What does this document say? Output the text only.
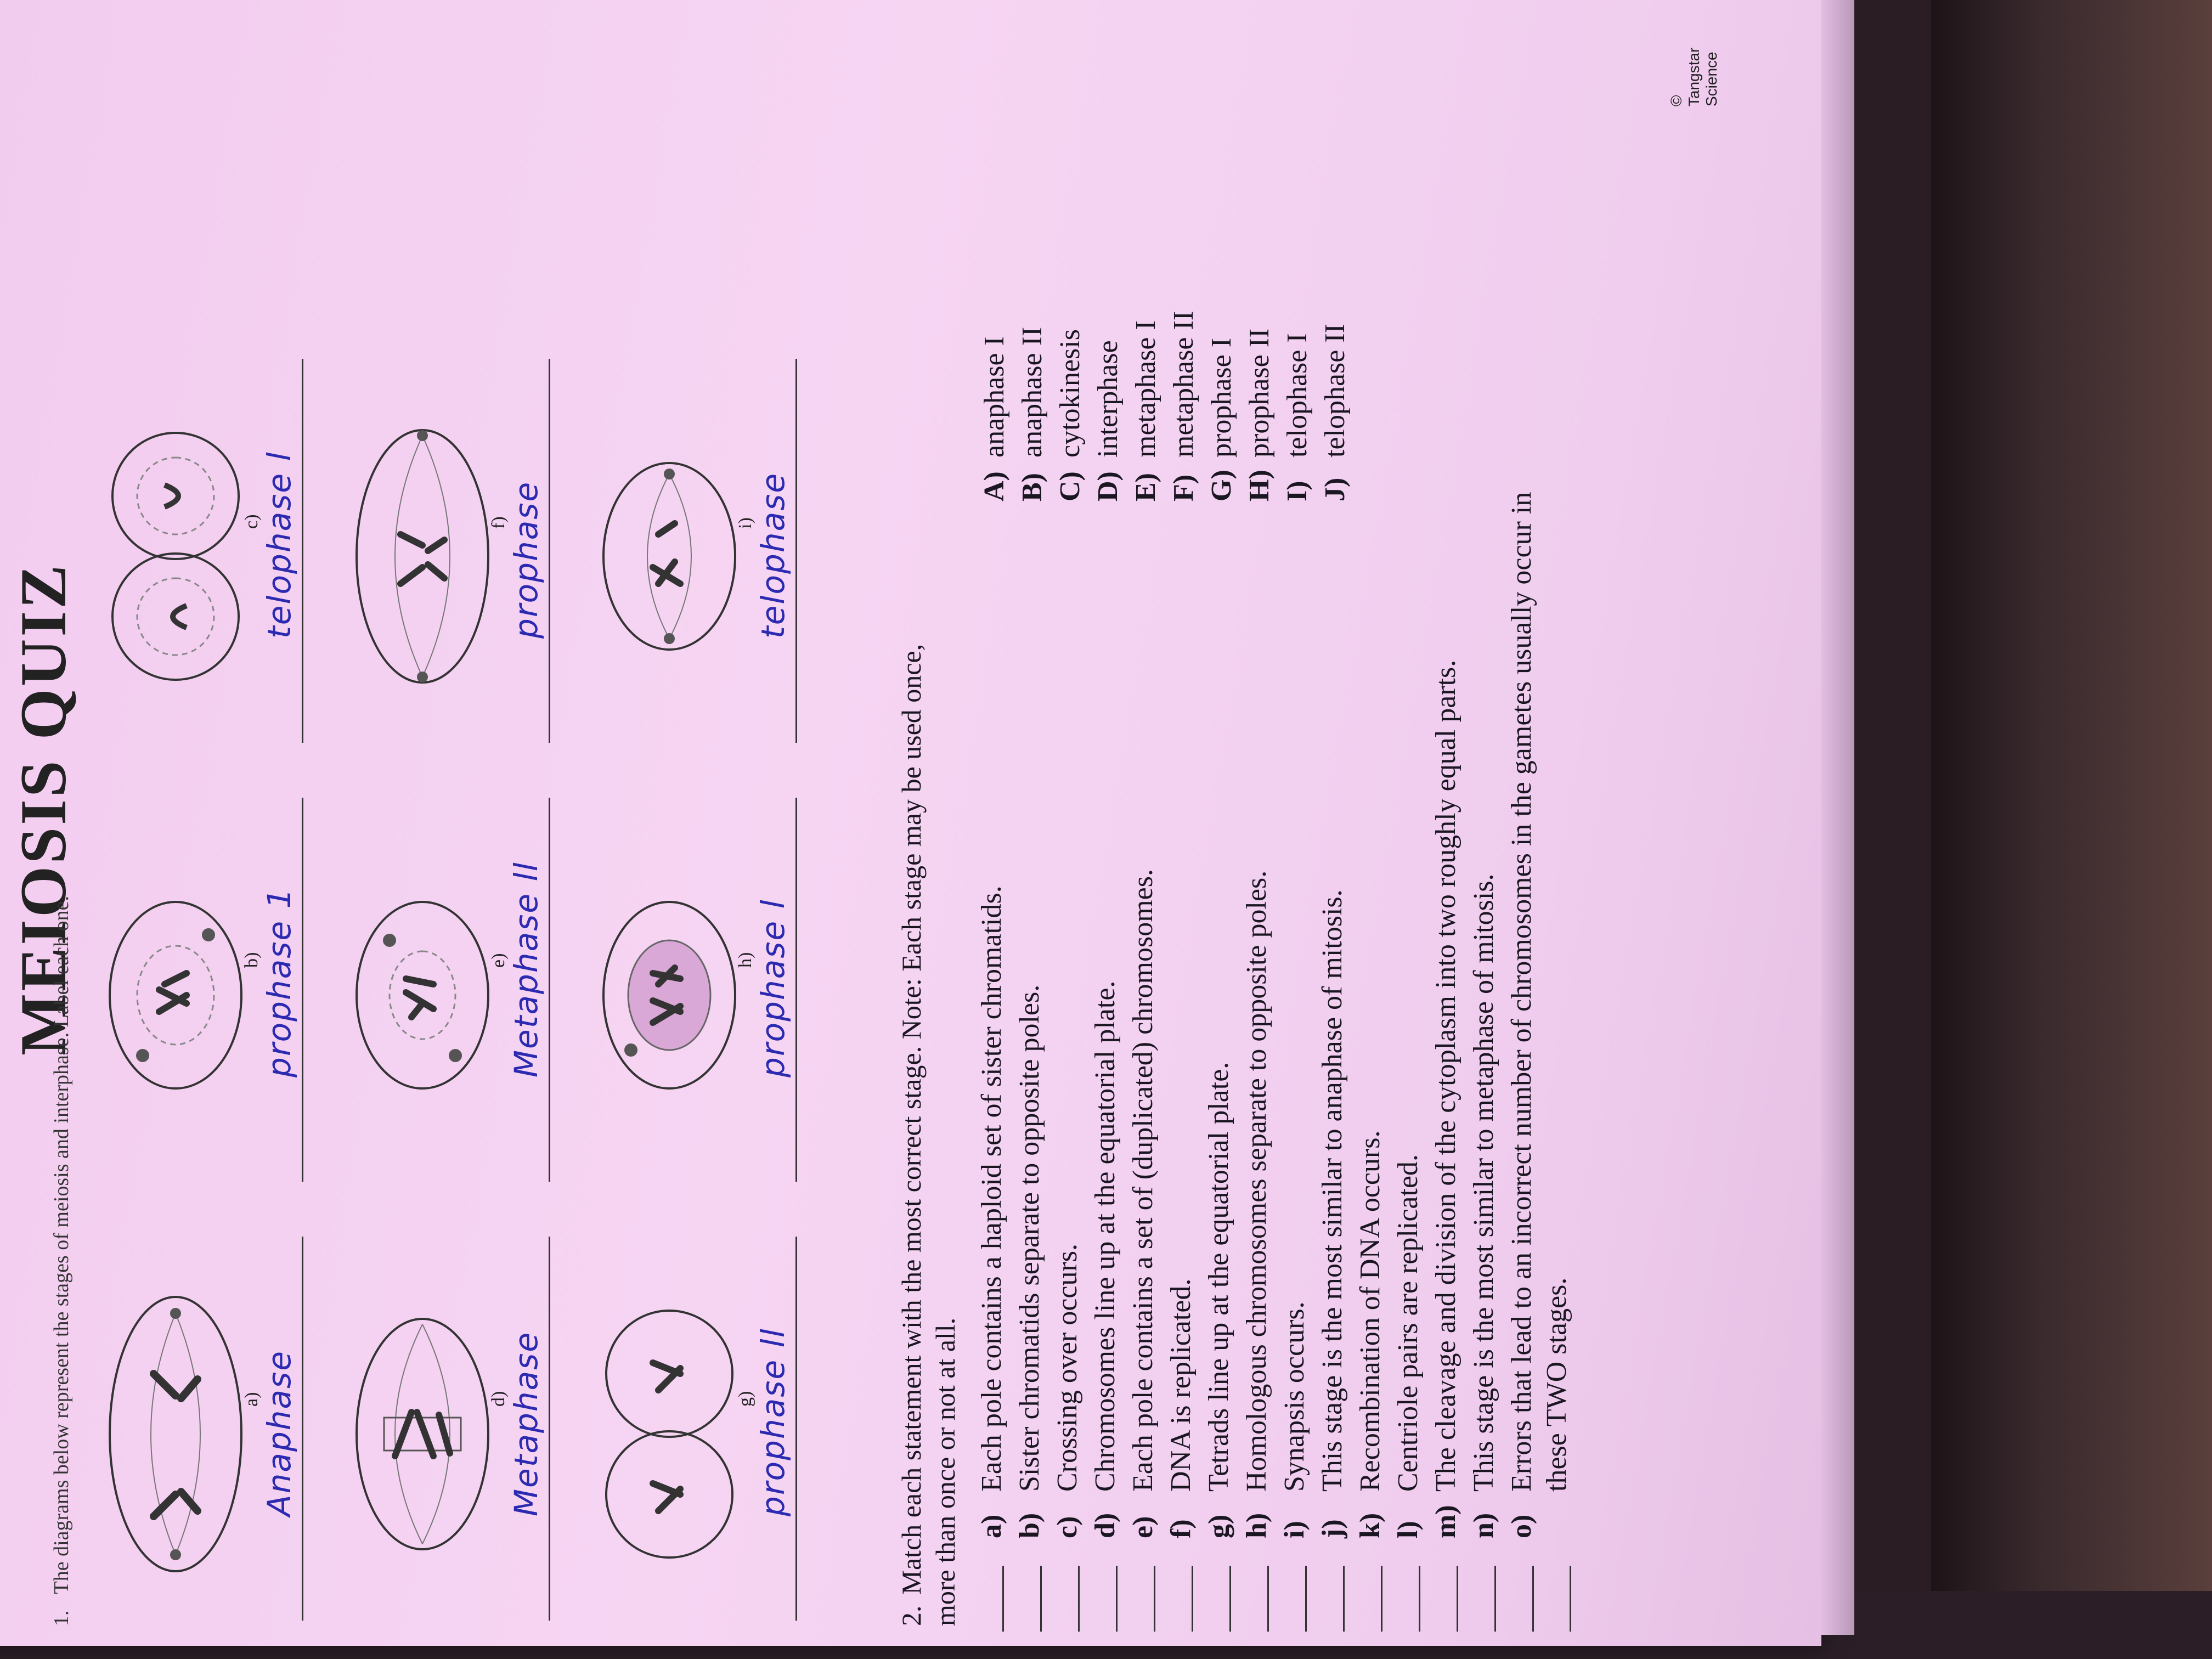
MEIOSIS QUIZ
1.The diagrams below represent the stages of meiosis and interphase. Label each one.	a)
Anaphase
b)
prophase 1
c)
telophase l
d)
Metaphase
e)
Metaphase ll
f)
prophase
g)
prophase ll
h)
prophase l
i)
telophase
2.Match each statement with the most correct stage. Note: Each stage may be used once, more than once or not at all. a)
Each pole contains a haploid set of sister chromatids.
b)
Sister chromatids separate to opposite poles.
c)
Crossing over occurs.
d)
Chromosomes line up at the equatorial plate.
e)
Each pole contains a set of (duplicated) chromosomes.
f)
DNA is replicated.
g)
Tetrads line up at the equatorial plate.
h)
Homologous chromosomes separate to opposite poles.
i)
Synapsis occurs.
j)
This stage is the most similar to anaphase of mitosis.
k)
Recombination of DNA occurs.
l)
Centriole pairs are replicated.
m)
The cleavage and division of the cytoplasm into two roughly equal parts.
n)
This stage is the most similar to metaphase of mitosis.
o)
Errors that lead to an incorrect number of chromosomes in the gametes usually occur in these TWO stages.
A)anaphase I
B)anaphase II
C)cytokinesis
D)interphase
E)metaphase I
F)metaphase II
G)prophase I
H)prophase II
I)telophase I
J)telophase II
© Tangstar Science
